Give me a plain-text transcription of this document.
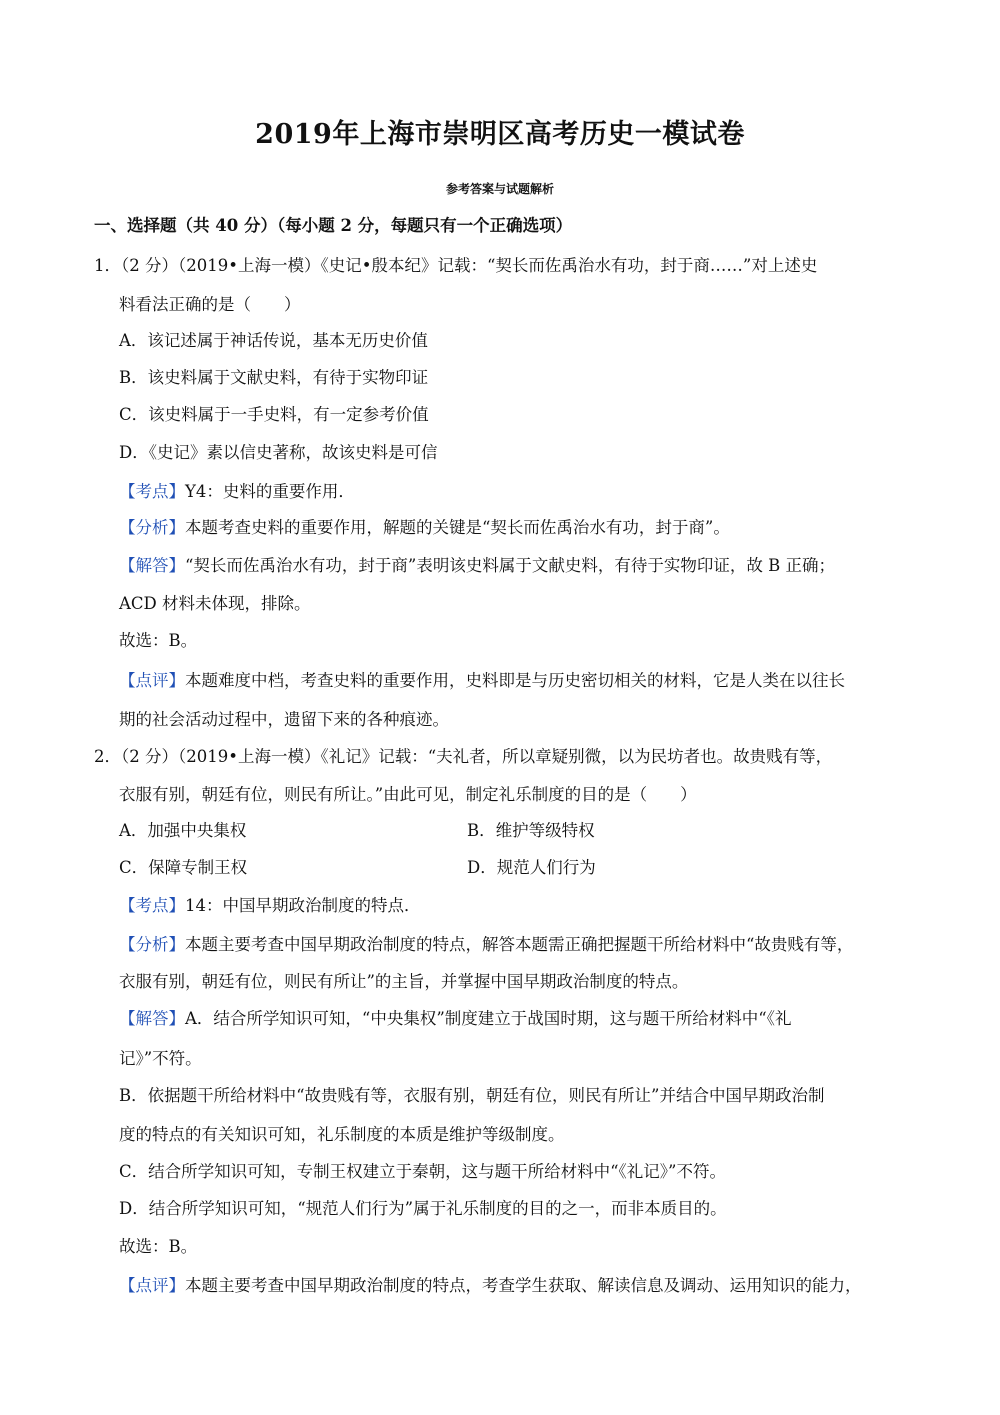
2019年上海市崇明区高考历史一模试卷
参考答案与试题解析
一、选择题（共 40 分）（每小题 2 分，每题只有一个正确选项）
1．（2 分）（2019•上海一模）《史记•殷本纪》记载：“契长而佐禹治水有功，封于商……”对上述史
料看法正确的是（　　）
A．该记述属于神话传说，基本无历史价值
B．该史料属于文献史料，有待于实物印证
C．该史料属于一手史料，有一定参考价值
D．《史记》素以信史著称，故该史料是可信
【考点】Y4：史料的重要作用．
【分析】本题考查史料的重要作用，解题的关键是“契长而佐禹治水有功，封于商”。
【解答】“契长而佐禹治水有功，封于商”表明该史料属于文献史料，有待于实物印证，故 B 正确；
ACD 材料未体现，排除。
故选：B。
【点评】本题难度中档，考查史料的重要作用，史料即是与历史密切相关的材料，它是人类在以往长
期的社会活动过程中，遗留下来的各种痕迹。
2．（2 分）（2019•上海一模）《礼记》记载：“夫礼者，所以章疑别微，以为民坊者也。故贵贱有等，
衣服有别，朝廷有位，则民有所让。”由此可见，制定礼乐制度的目的是（　　）
A．加强中央集权	B．维护等级特权
C．保障专制王权	D．规范人们行为
【考点】14：中国早期政治制度的特点．
【分析】本题主要考查中国早期政治制度的特点，解答本题需正确把握题干所给材料中“故贵贱有等，
衣服有别，朝廷有位，则民有所让”的主旨，并掌握中国早期政治制度的特点。
【解答】A．结合所学知识可知，“中央集权”制度建立于战国时期，这与题干所给材料中“《礼
记》”不符。
B．依据题干所给材料中“故贵贱有等，衣服有别，朝廷有位，则民有所让”并结合中国早期政治制
度的特点的有关知识可知，礼乐制度的本质是维护等级制度。
C．结合所学知识可知，专制王权建立于秦朝，这与题干所给材料中“《礼记》”不符。
D．结合所学知识可知，“规范人们行为”属于礼乐制度的目的之一，而非本质目的。
故选：B。
【点评】本题主要考查中国早期政治制度的特点，考查学生获取、解读信息及调动、运用知识的能力，
